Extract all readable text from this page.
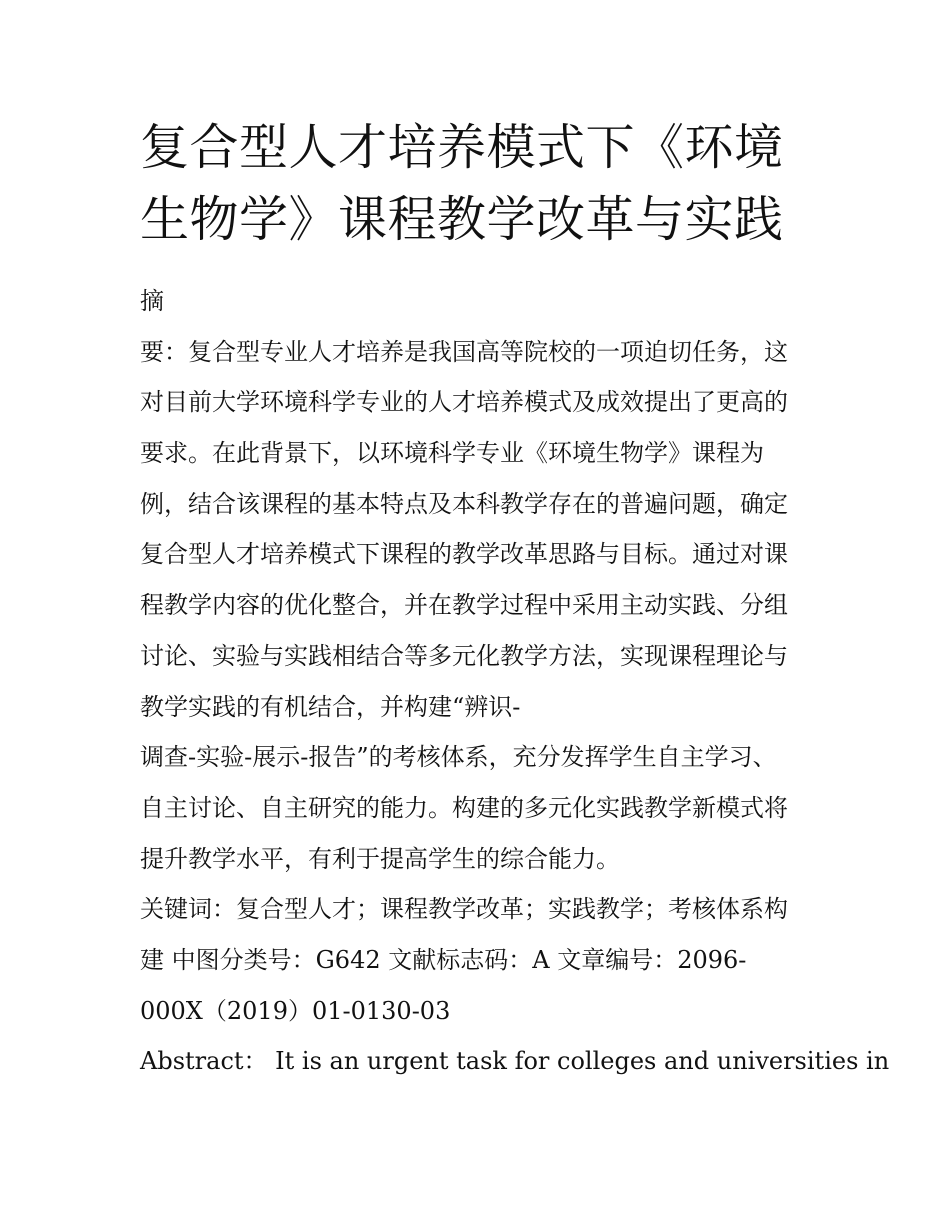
复合型人才培养模式下《环境
生物学》课程教学改革与实践
摘
要：复合型专业人才培养是我国高等院校的一项迫切任务，这
对目前大学环境科学专业的人才培养模式及成效提出了更高的
要求。在此背景下，以环境科学专业《环境生物学》课程为
例，结合该课程的基本特点及本科教学存在的普遍问题，确定
复合型人才培养模式下课程的教学改革思路与目标。通过对课
程教学内容的优化整合，并在教学过程中采用主动实践、分组
讨论、实验与实践相结合等多元化教学方法，实现课程理论与
教学实践的有机结合，并构建“辨识-
调查-实验-展示-报告”的考核体系，充分发挥学生自主学习、
自主讨论、自主研究的能力。构建的多元化实践教学新模式将
提升教学水平，有利于提高学生的综合能力。
关键词：复合型人才；课程教学改革；实践教学；考核体系构
建 中图分类号：G642 文献标志码：A 文章编号：2096-
000X（2019）01-0130-03
Abstract： It is an urgent task for colleges and universities in
